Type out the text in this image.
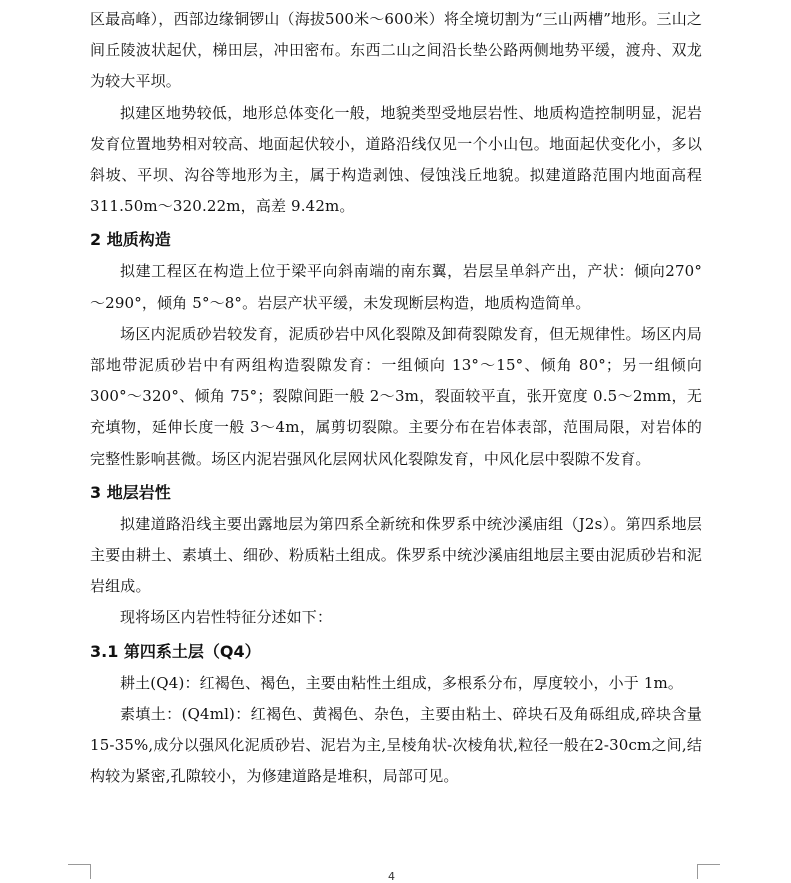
区最高峰），西部边缘铜锣山（海拔500米～600米）将全境切割为“三山两槽”地形。三山之间丘陵波状起伏，梯田层，冲田密布。东西二山之间沿长垫公路两侧地势平缓，渡舟、双龙为较大平坝。

拟建区地势较低，地形总体变化一般，地貌类型受地层岩性、地质构造控制明显，泥岩发育位置地势相对较高、地面起伏较小，道路沿线仅见一个小山包。地面起伏变化小，多以斜坡、平坝、沟谷等地形为主，属于构造剥蚀、侵蚀浅丘地貌。拟建道路范围内地面高程 311.50m～320.22m，高差 9.42m。

2 地质构造

拟建工程区在构造上位于梁平向斜南端的南东翼，岩层呈单斜产出，产状：倾向270°～290°，倾角 5°～8°。岩层产状平缓，未发现断层构造，地质构造简单。

场区内泥质砂岩较发育，泥质砂岩中风化裂隙及卸荷裂隙发育，但无规律性。场区内局部地带泥质砂岩中有两组构造裂隙发育：一组倾向 13°～15°、倾角 80°；另一组倾向 300°～320°、倾角 75°；裂隙间距一般 2～3m，裂面较平直，张开宽度 0.5～2mm，无充填物，延伸长度一般 3～4m，属剪切裂隙。主要分布在岩体表部，范围局限，对岩体的完整性影响甚微。场区内泥岩强风化层网状风化裂隙发育，中风化层中裂隙不发育。

3 地层岩性

拟建道路沿线主要出露地层为第四系全新统和侏罗系中统沙溪庙组（J2s）。第四系地层主要由耕土、素填土、细砂、粉质粘土组成。侏罗系中统沙溪庙组地层主要由泥质砂岩和泥岩组成。

现将场区内岩性特征分述如下：

3.1 第四系土层（Q4）

耕土(Q4)：红褐色、褐色，主要由粘性土组成，多根系分布，厚度较小，小于 1m。

素填土：(Q4ml)：红褐色、黄褐色、杂色，主要由粘土、碎块石及角砾组成,碎块含量 15-35%,成分以强风化泥质砂岩、泥岩为主,呈棱角状-次棱角状,粒径一般在2-30cm之间,结构较为紧密,孔隙较小，为修建道路是堆积，局部可见。

4
